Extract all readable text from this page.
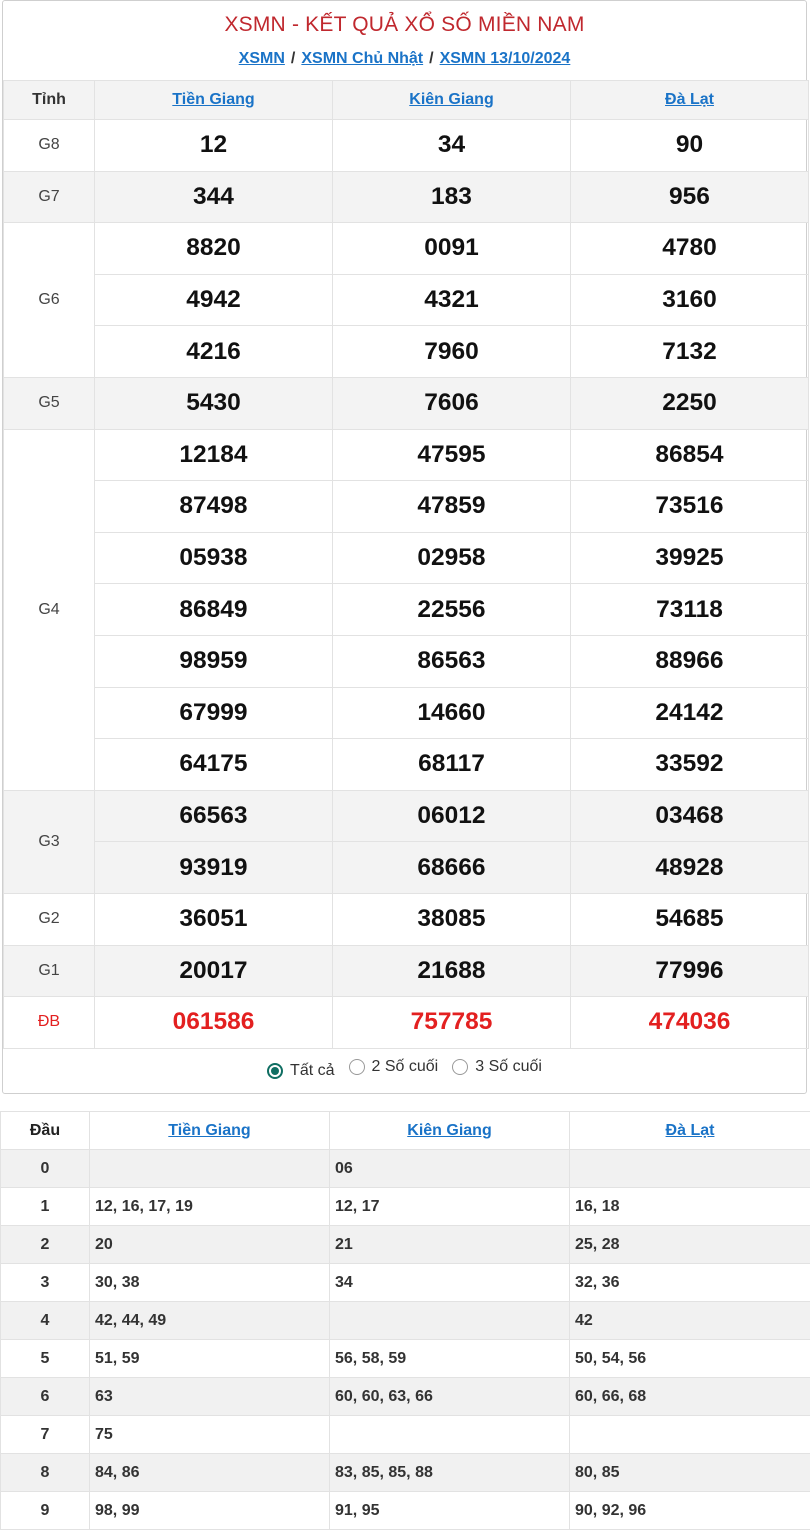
XSMN - KẾT QUẢ XỔ SỐ MIỀN NAM
XSMN / XSMN Chủ Nhật / XSMN 13/10/2024
Tỉnh	Tiền Giang	Kiên Giang	Đà Lạt
G8	12	34	90
G7	344	183	956
G6	8820	0091	4780
	4942	4321	3160
	4216	7960	7132
G5	5430	7606	2250
G4	12184	47595	86854
	87498	47859	73516
	05938	02958	39925
	86849	22556	73118
	98959	86563	88966
	67999	14660	24142
	64175	68117	33592
G3	66563	06012	03468
	93919	68666	48928
G2	36051	38085	54685
G1	20017	21688	77996
ĐB	061586	757785	474036
Tất cả 2 Số cuối 3 Số cuối
Đầu	Tiền Giang	Kiên Giang	Đà Lạt
0		06	
1	12, 16, 17, 19	12, 17	16, 18
2	20	21	25, 28
3	30, 38	34	32, 36
4	42, 44, 49		42
5	51, 59	56, 58, 59	50, 54, 56
6	63	60, 60, 63, 66	60, 66, 68
7	75		
8	84, 86	83, 85, 85, 88	80, 85
9	98, 99	91, 95	90, 92, 96
